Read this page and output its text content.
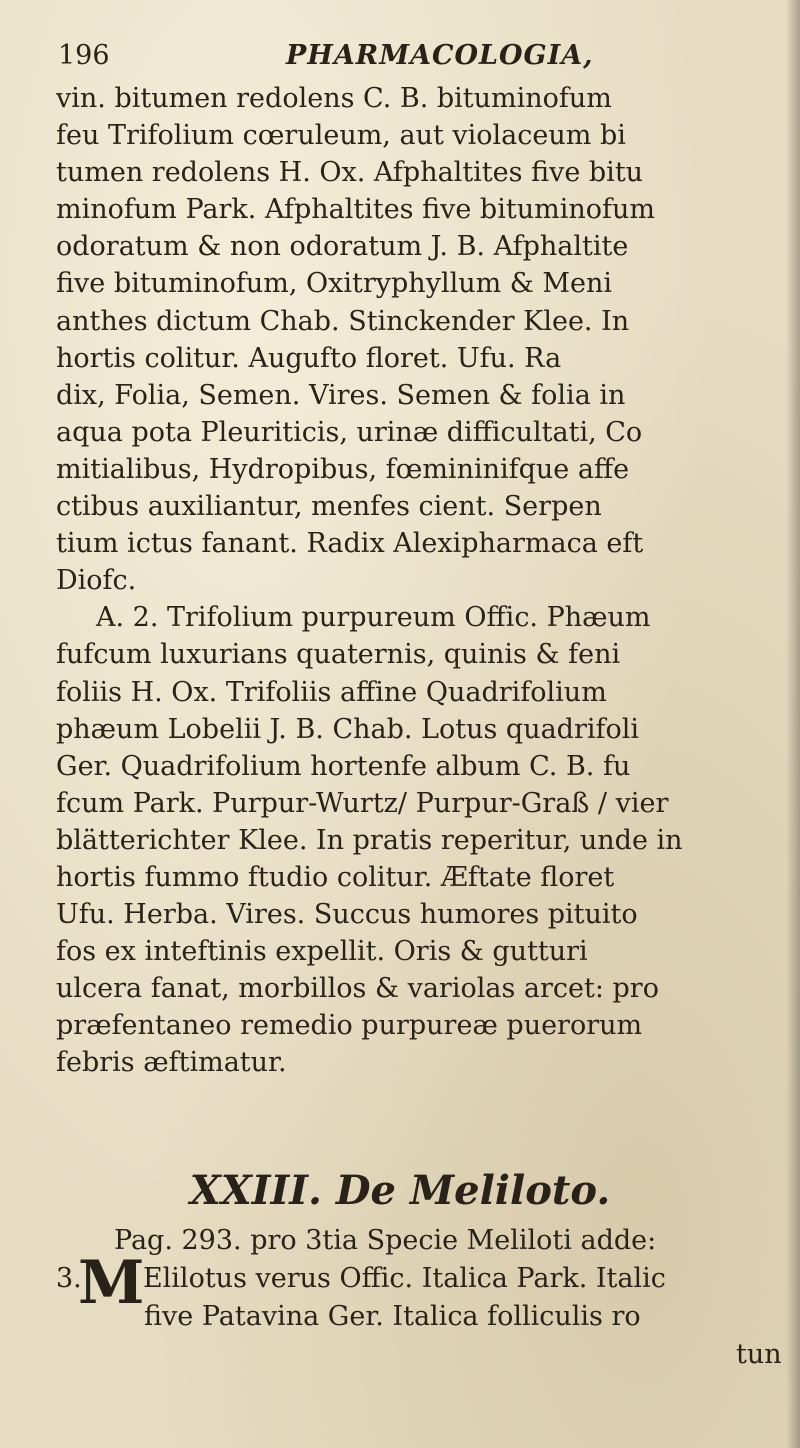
196	PHARMACOLOGIA,
vin. bitumen redolens C. B. bituminofum
feu Trifolium cœruleum, aut violaceum bi
tumen redolens H. Ox. Afphaltites five bitu
minofum Park. Afphaltites five bituminofum
odoratum & non odoratum J. B. Afphaltite
five bituminofum, Oxitryphyllum & Meni
anthes dictum Chab. Stinckender Klee. In
hortis colitur. Augufto floret. Ufu. Ra
dix, Folia, Semen. Vires. Semen & folia in
aqua pota Pleuriticis, urinæ difficultati, Co
mitialibus, Hydropibus, fœmininifque affe
ctibus auxiliantur, menfes cient. Serpen
tium ictus fanant. Radix Alexipharmaca eft
Diofc.
A. 2. Trifolium purpureum Offic. Phæum
fufcum luxurians quaternis, quinis & feni
foliis H. Ox. Trifoliis affine Quadrifolium
phæum Lobelii J. B. Chab. Lotus quadrifoli
Ger. Quadrifolium hortenfe album C. B. fu
fcum Park. Purpur-Wurtz/ Purpur-Graß / vier
blätterichter Klee. In pratis reperitur, unde in
hortis fummo ftudio colitur. Æftate floret
Ufu. Herba. Vires. Succus humores pituito
fos ex inteftinis expellit. Oris & gutturi
ulcera fanat, morbillos & variolas arcet: pro
præfentaneo remedio purpureæ puerorum
febris æftimatur.
XXIII. De Meliloto.
Pag. 293. pro 3tia Specie Meliloti adde:
3. Elilotus verus Offic. Italica Park. Italic
five Patavina Ger. Italica folliculis ro
tun
M
